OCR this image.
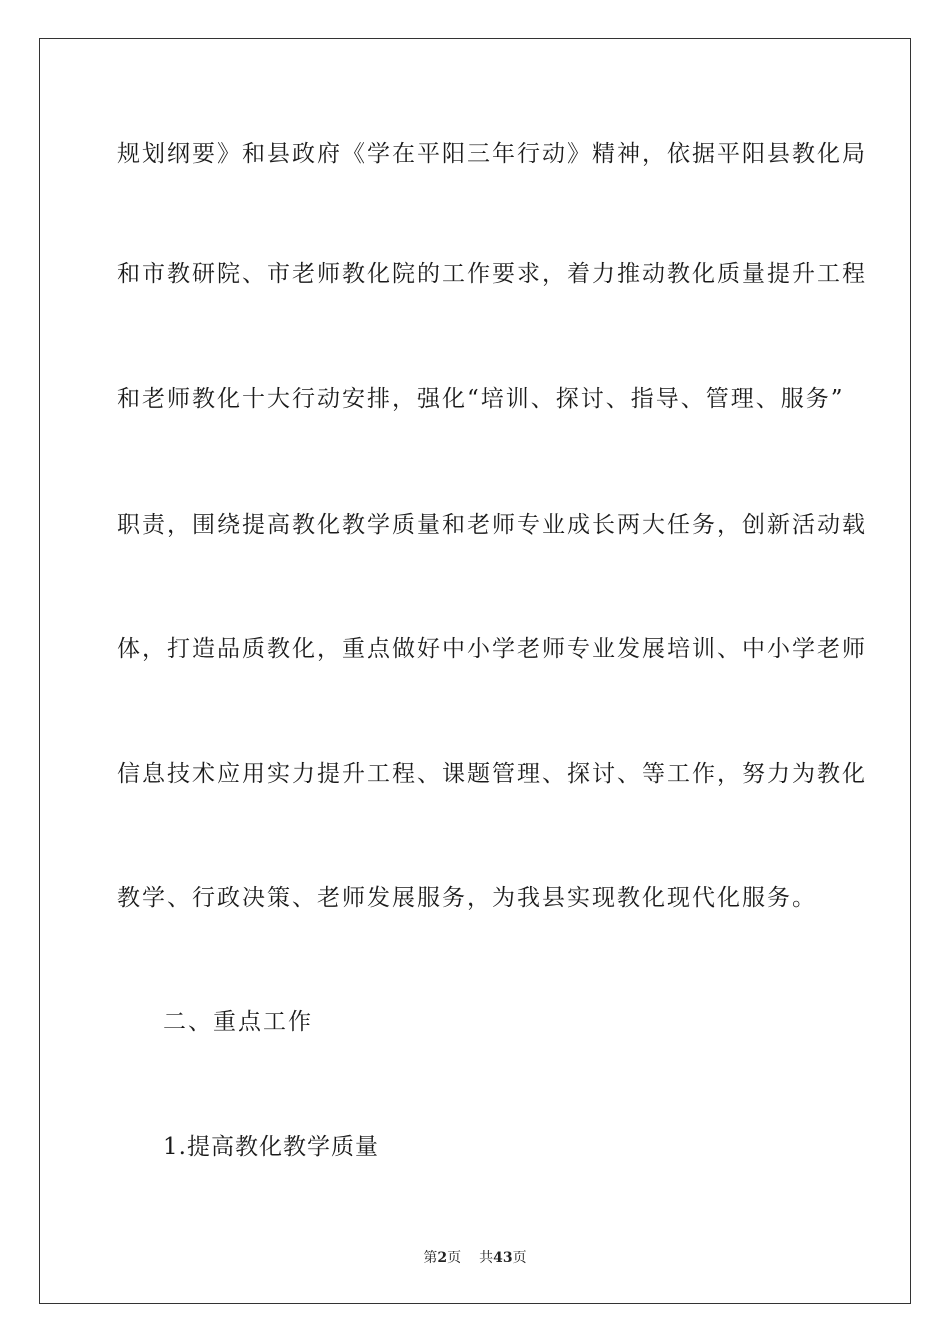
规划纲要》和县政府《学在平阳三年行动》精神，依据平阳县教化局
和市教研院、市老师教化院的工作要求，着力推动教化质量提升工程
和老师教化十大行动安排，强化“培训、探讨、指导、管理、服务”
职责，围绕提高教化教学质量和老师专业成长两大任务，创新活动载
体，打造品质教化，重点做好中小学老师专业发展培训、中小学老师
信息技术应用实力提升工程、课题管理、探讨、等工作，努力为教化
教学、行政决策、老师发展服务，为我县实现教化现代化服务。
二、重点工作
1.提高教化教学质量
第2页 共43页
